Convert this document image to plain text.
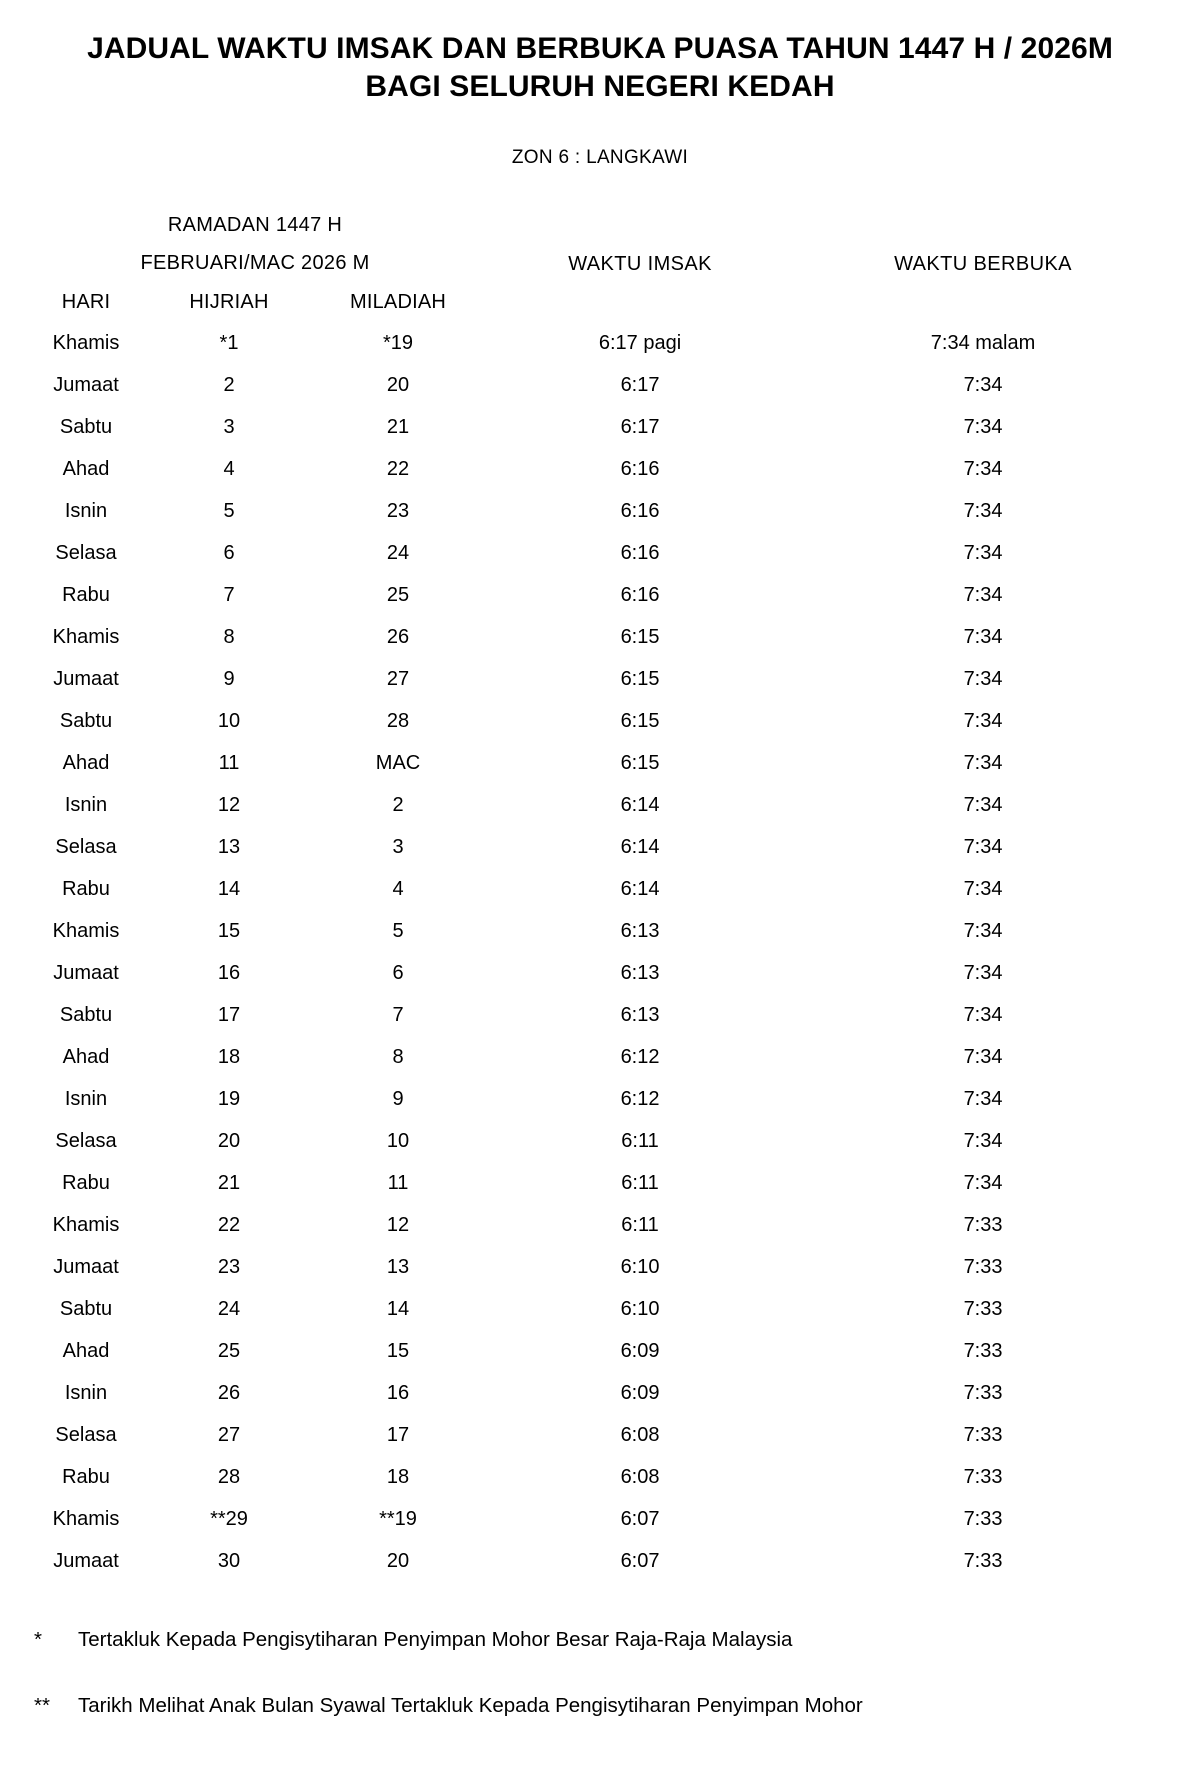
JADUAL WAKTU IMSAK DAN BERBUKA PUASA TAHUN 1447 H / 2026M
BAGI SELURUH NEGERI KEDAH
ZON 6 : LANGKAWI
RAMADAN 1447 H				WAKTU IMSAK		WAKTU BERBUKA
FEBRUARI/MAC 2026 M						
HARI	HIJRIAH	MILADIAH				
Khamis	*1	*19		6:17 pagi		7:34 malam
Jumaat	2	20		6:17		7:34
Sabtu	3	21		6:17		7:34
Ahad	4	22		6:16		7:34
Isnin	5	23		6:16		7:34
Selasa	6	24		6:16		7:34
Rabu	7	25		6:16		7:34
Khamis	8	26		6:15		7:34
Jumaat	9	27		6:15		7:34
Sabtu	10	28		6:15		7:34
Ahad	11	MAC		6:15		7:34
Isnin	12	2		6:14		7:34
Selasa	13	3		6:14		7:34
Rabu	14	4		6:14		7:34
Khamis	15	5		6:13		7:34
Jumaat	16	6		6:13		7:34
Sabtu	17	7		6:13		7:34
Ahad	18	8		6:12		7:34
Isnin	19	9		6:12		7:34
Selasa	20	10		6:11		7:34
Rabu	21	11		6:11		7:34
Khamis	22	12		6:11		7:33
Jumaat	23	13		6:10		7:33
Sabtu	24	14		6:10		7:33
Ahad	25	15		6:09		7:33
Isnin	26	16		6:09		7:33
Selasa	27	17		6:08		7:33
Rabu	28	18		6:08		7:33
Khamis	**29	**19		6:07		7:33
Jumaat	30	20		6:07		7:33
*	Tertakluk Kepada Pengisytiharan Penyimpan Mohor Besar Raja-Raja Malaysia
**	Tarikh Melihat Anak Bulan Syawal Tertakluk Kepada Pengisytiharan Penyimpan Mohor
